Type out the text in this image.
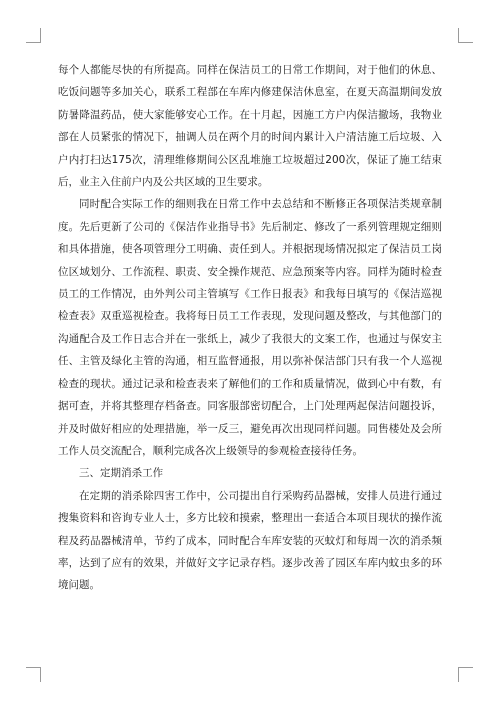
每个人都能尽快的有所提高。同样在保洁员工的日常工作期间，对于他们的休息、吃饭问题等多加关心，联系工程部在车库内修建保洁休息室，在夏天高温期间发放防暑降温药品，使大家能够安心工作。在十月起，因施工方户内保洁撤场，我物业部在人员紧张的情况下，抽调人员在两个月的时间内累计入户清洁施工后垃圾、入户内打扫达175次，清理维修期间公区乱堆施工垃圾超过200次，保证了施工结束后，业主入住前户内及公共区域的卫生要求。

同时配合实际工作的细则我在日常工作中去总结和不断修正各项保洁类规章制度。先后更新了公司的《保洁作业指导书》先后制定、修改了一系列管理规定细则和具体措施，使各项管理分工明确、责任到人。并根据现场情况拟定了保洁员工岗位区域划分、工作流程、职责、安全操作规范、应急预案等内容。同样为随时检查员工的工作情况，由外判公司主管填写《工作日报表》和我每日填写的《保洁巡视检查表》双重巡视检查。我将每日员工工作表现，发现问题及整改，与其他部门的沟通配合及工作日志合并在一张纸上，减少了我很大的文案工作，也通过与保安主任、主管及绿化主管的沟通，相互监督通报，用以弥补保洁部门只有我一个人巡视检查的现状。通过记录和检查表来了解他们的工作和质量情况，做到心中有数，有据可查，并将其整理存档备查。同客服部密切配合，上门处理两起保洁问题投诉，并及时做好相应的处理措施，举一反三，避免再次出现同样问题。同售楼处及会所工作人员交流配合，顺利完成各次上级领导的参观检查接待任务。

三、定期消杀工作

在定期的消杀除四害工作中，公司提出自行采购药品器械，安排人员进行通过搜集资料和咨询专业人士，多方比较和摸索，整理出一套适合本项目现状的操作流程及药品器械清单，节约了成本，同时配合车库安装的灭蚊灯和每周一次的消杀频率，达到了应有的效果，并做好文字记录存档。逐步改善了园区车库内蚊虫多的环境问题。
